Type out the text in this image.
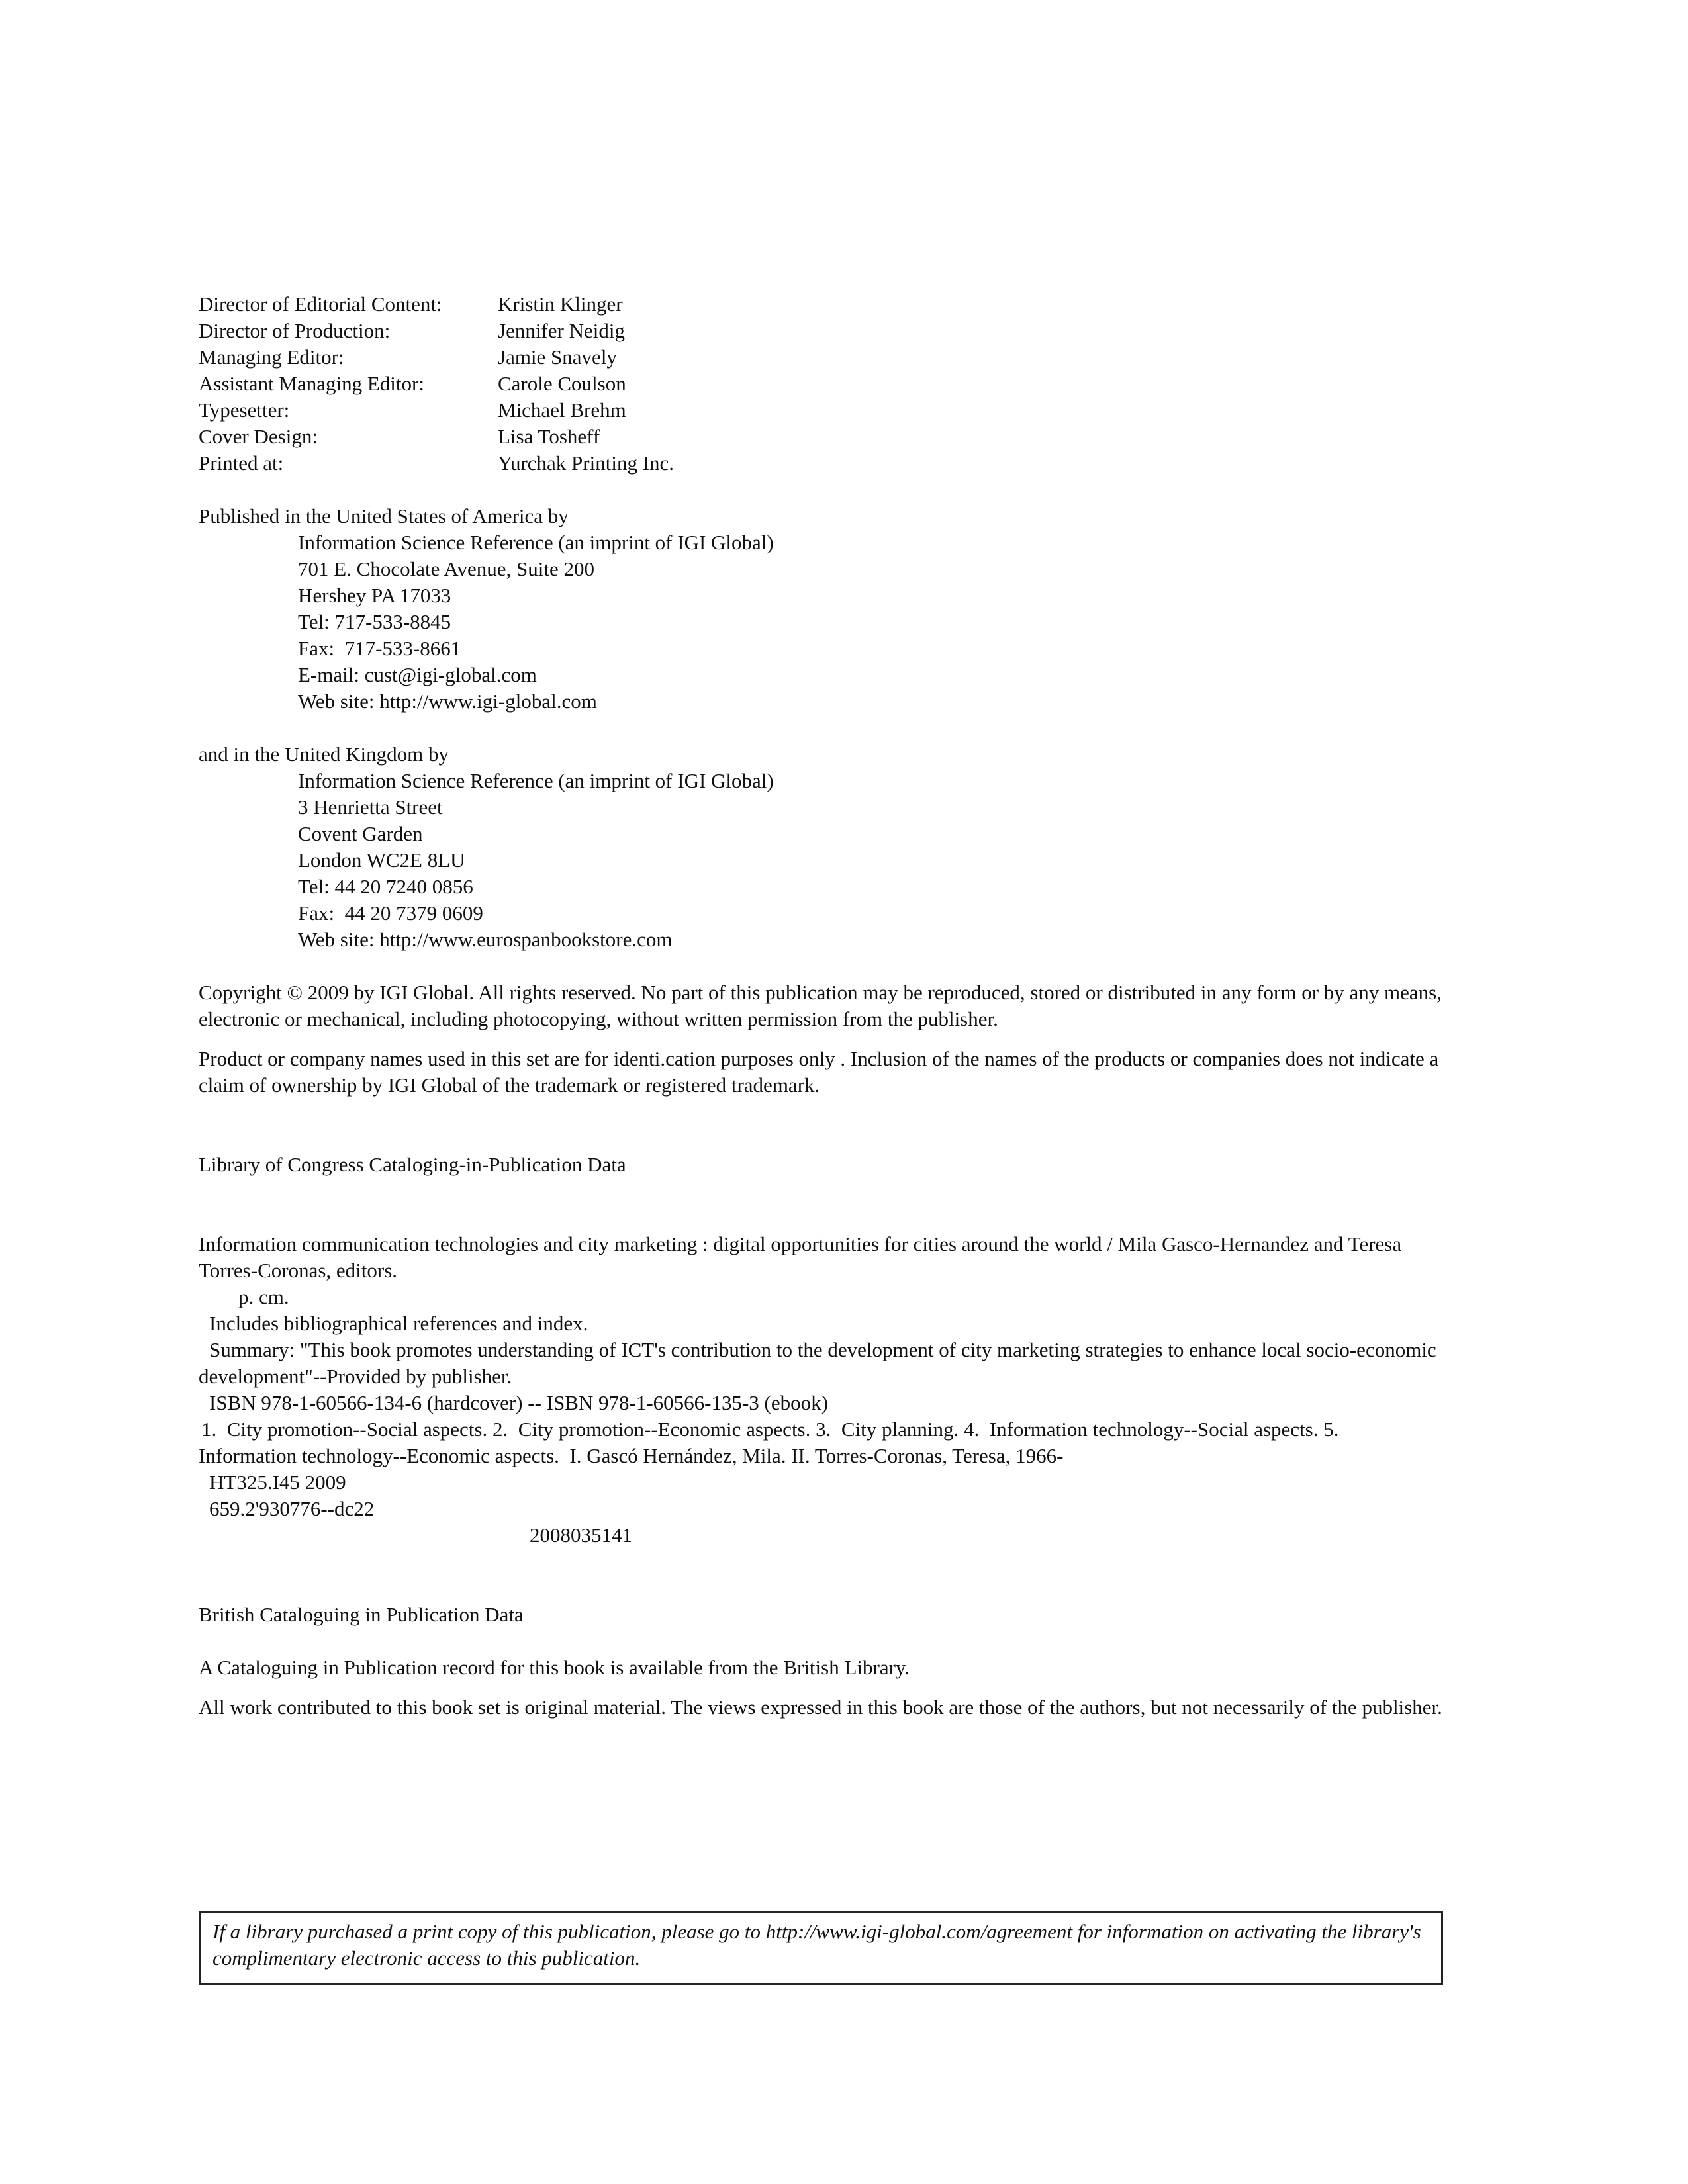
Director of Editorial Content:	Kristin Klinger
Director of Production:	Jennifer Neidig
Managing Editor:	Jamie Snavely
Assistant Managing Editor:	Carole Coulson
Typesetter:	Michael Brehm
Cover Design:	Lisa Tosheff
Printed at:	Yurchak Printing Inc.
Published in the United States of America by
Information Science Reference (an imprint of IGI Global)
701 E. Chocolate Avenue, Suite 200
Hershey PA 17033
Tel: 717-533-8845
Fax:  717-533-8661
E-mail: cust@igi-global.com
Web site: http://www.igi-global.com
and in the United Kingdom by
Information Science Reference (an imprint of IGI Global)
3 Henrietta Street
Covent Garden
London WC2E 8LU
Tel: 44 20 7240 0856
Fax:  44 20 7379 0609
Web site: http://www.eurospanbookstore.com
Copyright © 2009 by IGI Global. All rights reserved. No part of this publication may be reproduced, stored or distributed in any form or by any means, electronic or mechanical, including photocopying, without written permission from the publisher.
Product or company names used in this set are for identi.cation purposes only . Inclusion of the names of the products or companies does not indicate a claim of ownership by IGI Global of the trademark or registered trademark.
Library of Congress Cataloging-in-Publication Data
Information communication technologies and city marketing : digital opportunities for cities around the world / Mila Gasco-Hernandez and Teresa Torres-Coronas, editors.
p. cm.
Includes bibliographical references and index.
Summary: "This book promotes understanding of ICT's contribution to the development of city marketing strategies to enhance local socio-economic development"--Provided by publisher.
ISBN 978-1-60566-134-6 (hardcover) -- ISBN 978-1-60566-135-3 (ebook)
1.  City promotion--Social aspects. 2.  City promotion--Economic aspects. 3.  City planning. 4.  Information technology--Social aspects. 5.  Information technology--Economic aspects.  I. Gascó Hernández, Mila. II. Torres-Coronas, Teresa, 1966-
HT325.I45 2009
659.2'930776--dc22
2008035141
British Cataloguing in Publication Data
A Cataloguing in Publication record for this book is available from the British Library.
All work contributed to this book set is original material. The views expressed in this book are those of the authors, but not necessarily of the publisher.
If a library purchased a print copy of this publication, please go to http://www.igi-global.com/agreement for information on activating the library's complimentary electronic access to this publication.
